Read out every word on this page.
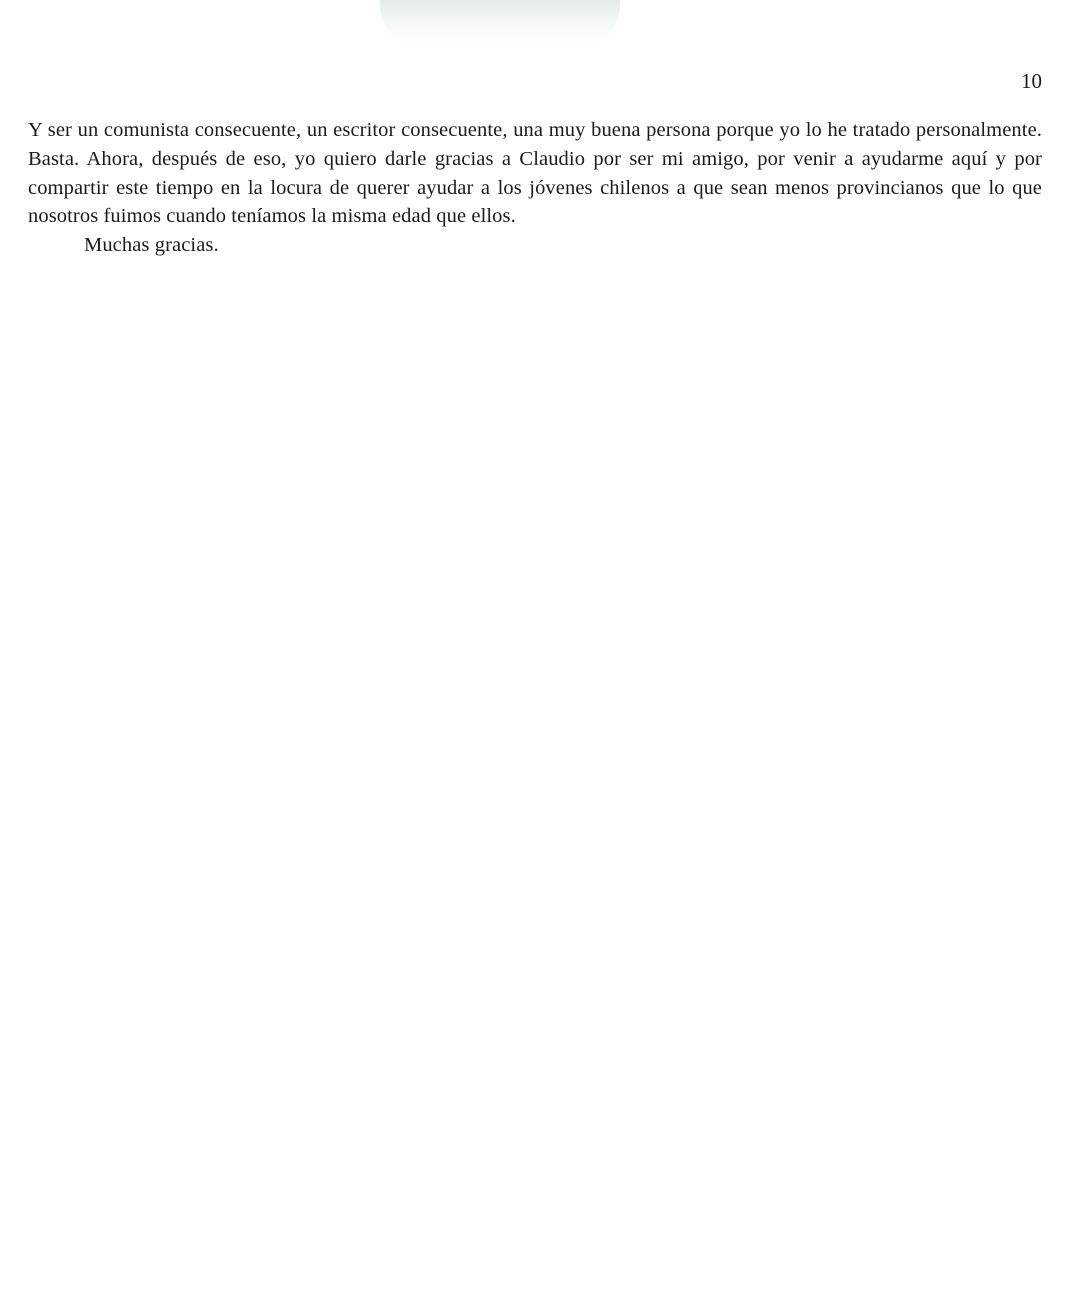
10

Y ser un comunista consecuente, un escritor consecuente, una muy buena persona porque yo lo he tratado personalmente. Basta. Ahora, después de eso, yo quiero darle gracias a Claudio por ser mi amigo, por venir a ayudarme aquí y por compartir este tiempo en la locura de querer ayudar a los jóvenes chilenos a que sean menos provincianos que lo que nosotros fuimos cuando teníamos la misma edad que ellos.

Muchas gracias.
